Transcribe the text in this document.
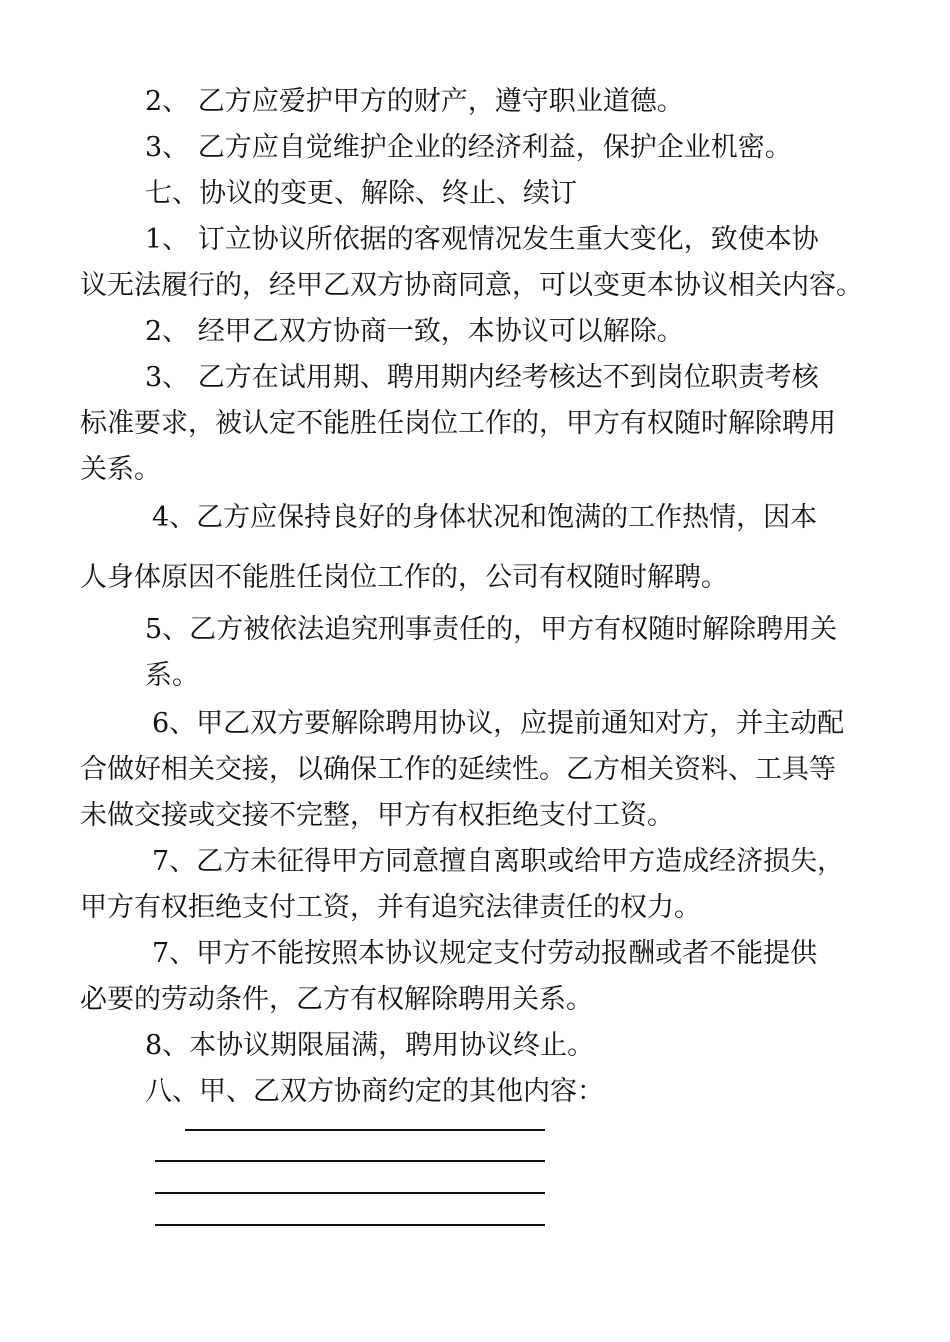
2、 乙方应爱护甲方的财产，遵守职业道德。
3、 乙方应自觉维护企业的经济利益，保护企业机密。
七、协议的变更、解除、终止、续订
1、 订立协议所依据的客观情况发生重大变化，致使本协
议无法履行的，经甲乙双方协商同意，可以变更本协议相关内容。
2、 经甲乙双方协商一致，本协议可以解除。
3、 乙方在试用期、聘用期内经考核达不到岗位职责考核
标准要求，被认定不能胜任岗位工作的，甲方有权随时解除聘用
关系。
4、乙方应保持良好的身体状况和饱满的工作热情，因本
人身体原因不能胜任岗位工作的，公司有权随时解聘。
5、乙方被依法追究刑事责任的，甲方有权随时解除聘用关
系。
6、甲乙双方要解除聘用协议，应提前通知对方，并主动配
合做好相关交接，以确保工作的延续性。乙方相关资料、工具等
未做交接或交接不完整，甲方有权拒绝支付工资。
7、乙方未征得甲方同意擅自离职或给甲方造成经济损失，
甲方有权拒绝支付工资，并有追究法律责任的权力。
7、甲方不能按照本协议规定支付劳动报酬或者不能提供
必要的劳动条件，乙方有权解除聘用关系。
8、本协议期限届满，聘用协议终止。
八、甲、乙双方协商约定的其他内容：
